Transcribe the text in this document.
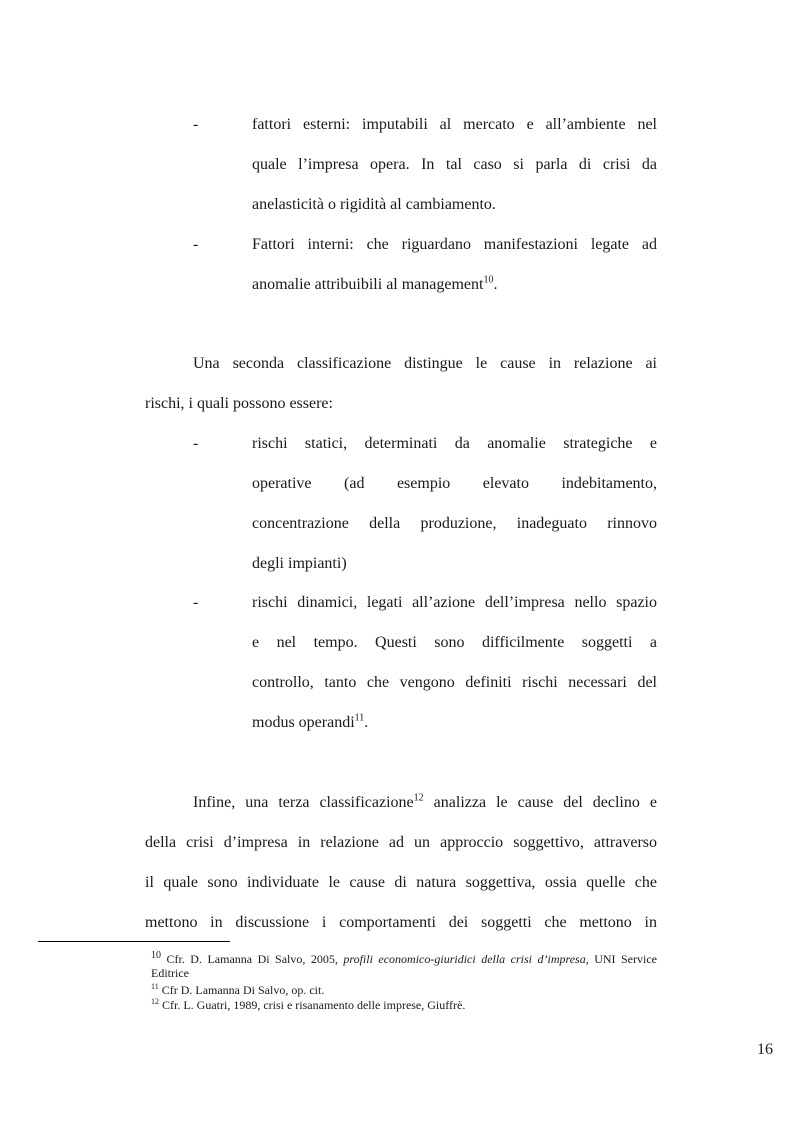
-	fattori esterni: imputabili al mercato e all’ambiente nel
quale l’impresa opera. In tal caso si parla di crisi da
anelasticità o rigidità al cambiamento.
-	Fattori interni: che riguardano manifestazioni legate ad
anomalie attribuibili al management$^{10}$.
Una seconda classificazione distingue le cause in relazione ai
rischi, i quali possono essere:
-	rischi statici, determinati da anomalie strategiche e
operative (ad esempio elevato indebitamento,
concentrazione della produzione, inadeguato rinnovo
degli impianti)
-	rischi dinamici, legati all’azione dell’impresa nello spazio
e nel tempo. Questi sono difficilmente soggetti a
controllo, tanto che vengono definiti rischi necessari del
modus operandi$^{11}$.
Infine, una terza classificazione$^{12}$ analizza le cause del declino e
della crisi d’impresa in relazione ad un approccio soggettivo, attraverso
il quale sono individuate le cause di natura soggettiva, ossia quelle che
mettono in discussione i comportamenti dei soggetti che mettono in
$^{10}$ Cfr. D. Lamanna Di Salvo, 2005, profili economico-giuridici della crisi d’impresa, UNI Service
Editrice
$^{11}$ Cfr D. Lamanna Di Salvo, op. cit.
$^{12}$ Cfr. L. Guatri, 1989, crisi e risanamento delle imprese, Giuffrè.
16
